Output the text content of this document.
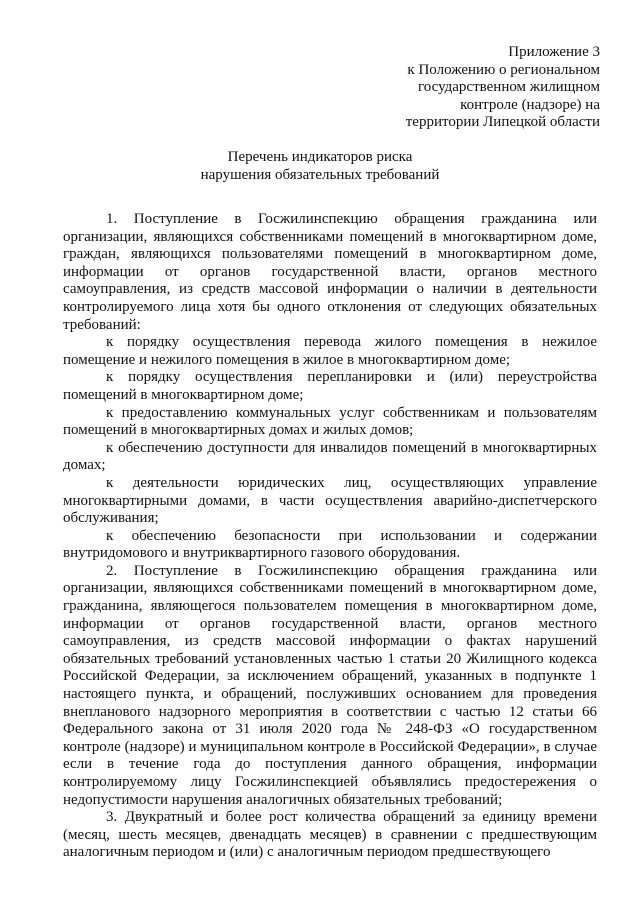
Приложение 3
к Положению о региональном
государственном жилищном
контроле (надзоре) на
территории Липецкой области
Перечень индикаторов риска
нарушения обязательных требований

1. Поступление в Госжилинспекцию обращения гражданина или организации, являющихся собственниками помещений в многоквартирном доме, граждан, являющихся пользователями помещений в многоквартирном доме, информации от органов государственной власти, органов местного самоуправления, из средств массовой информации о наличии в деятельности контролируемого лица хотя бы одного отклонения от следующих обязательных требований:

к порядку осуществления перевода жилого помещения в нежилое помещение и нежилого помещения в жилое в многоквартирном доме;

к порядку осуществления перепланировки и (или) переустройства помещений в многоквартирном доме;

к предоставлению коммунальных услуг собственникам и пользователям помещений в многоквартирных домах и жилых домов;

к обеспечению доступности для инвалидов помещений в многоквартирных домах;

к деятельности юридических лиц, осуществляющих управление многоквартирными домами, в части осуществления аварийно-диспетчерского обслуживания;

к обеспечению безопасности при использовании и содержании внутридомового и внутриквартирного газового оборудования.

2. Поступление в Госжилинспекцию обращения гражданина или организации, являющихся собственниками помещений в многоквартирном доме, гражданина, являющегося пользователем помещения в многоквартирном доме, информации от органов государственной власти, органов местного самоуправления, из средств массовой информации о фактах нарушений обязательных требований установленных частью 1 статьи 20 Жилищного кодекса Российской Федерации, за исключением обращений, указанных в подпункте 1 настоящего пункта, и обращений, послуживших основанием для проведения внепланового надзорного мероприятия в соответствии с частью 12 статьи 66 Федерального закона от 31 июля 2020 года № 248-ФЗ «О государственном контроле (надзоре) и муниципальном контроле в Российской Федерации», в случае если в течение года до поступления данного обращения, информации контролируемому лицу Госжилинспекцией объявлялись предостережения о недопустимости нарушения аналогичных обязательных требований;

3. Двукратный и более рост количества обращений за единицу времени (месяц, шесть месяцев, двенадцать месяцев) в сравнении с предшествующим аналогичным периодом и (или) с аналогичным периодом предшествующего
